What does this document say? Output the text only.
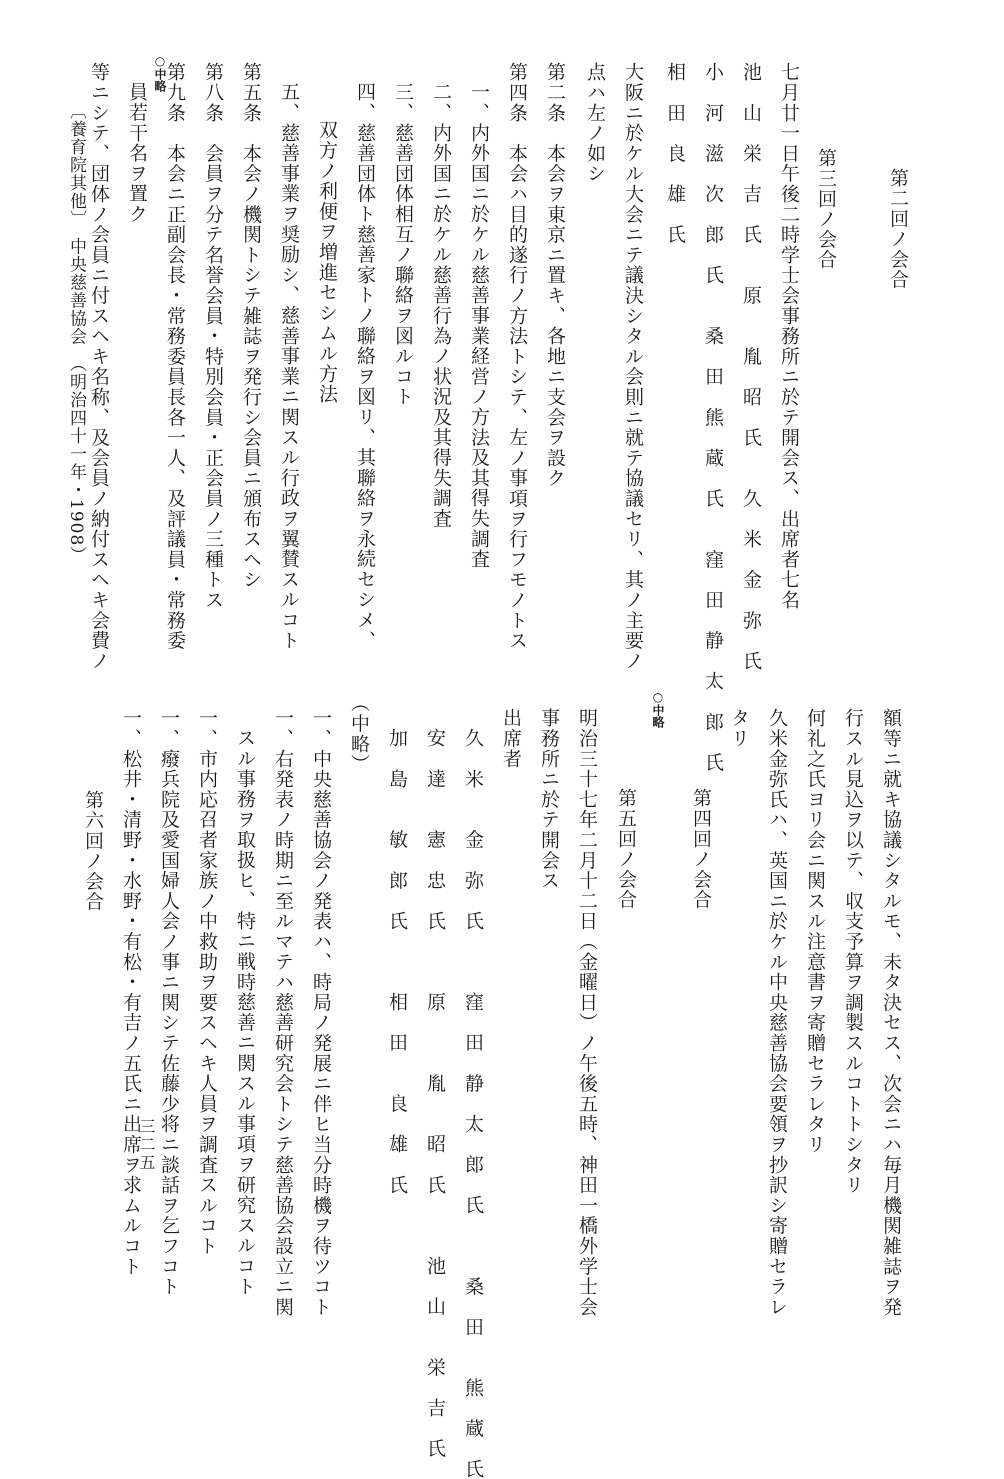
第二回ノ会合
○中略
第三回ノ会合
七月廿一日午後二時学士会事務所ニ於テ開会ス、出席者七名
池　山　栄　吉　氏　　原　　胤　昭　氏　　久　米　金　弥　氏
小　河　滋　次　郎　氏　　桑　田　熊　蔵　氏　　窪　田　静　太　郎　氏
相　田　良　雄　氏
大阪ニ於ケル大会ニテ議決シタル会則ニ就テ協議セリ、其ノ主要ノ
点ハ左ノ如シ
第二条　本会ヲ東京ニ置キ、各地ニ支会ヲ設ク
第四条　本会ハ目的遂行ノ方法トシテ、左ノ事項ヲ行フモノトス
一、内外国ニ於ケル慈善事業経営ノ方法及其得失調査
二、内外国ニ於ケル慈善行為ノ状況及其得失調査
三、慈善団体相互ノ聯絡ヲ図ルコト
四、慈善団体ト慈善家トノ聯絡ヲ図リ、其聯絡ヲ永続セシメ、
双方ノ利便ヲ増進セシムル方法
五、慈善事業ヲ奨励シ、慈善事業ニ関スル行政ヲ翼賛スルコト
第五条　本会ノ機関トシテ雑誌ヲ発行シ会員ニ頒布スヘシ
第八条　会員ヲ分テ名誉会員・特別会員・正会員ノ三種トス
第九条　本会ニ正副会長・常務委員長各一人、及評議員・常務委
員若干名ヲ置ク
等ニシテ、団体ノ会員ニ付スヘキ名称、及会員ノ納付スヘキ会費ノ
額等ニ就キ協議シタルモ、未タ決セス、次会ニハ毎月機関雑誌ヲ発
行スル見込ヲ以テ、収支予算ヲ調製スルコトトシタリ
何礼之氏ヨリ会ニ関スル注意書ヲ寄贈セラレタリ
久米金弥氏ハ、英国ニ於ケル中央慈善協会要領ヲ抄訳シ寄贈セラレ
タリ
第四回ノ会合
○中略
第五回ノ会合
明治三十七年二月十二日（金曜日）ノ午後五時、神田一橋外学士会
事務所ニ於テ開会ス
出席者
久　米　　金　弥　氏　　　窪　田　静　太　郎　氏　　　桑　田　　熊　蔵　氏
安　達　　憲　忠　氏　　　原　　　胤　　昭　氏　　　池　山　　栄　吉　氏
加　島　　敏　郎　氏　　　相　田　　良　雄　氏
（中略）
一、中央慈善協会ノ発表ハ、時局ノ発展ニ伴ヒ当分時機ヲ待ツコト
一、右発表ノ時期ニ至ルマテハ慈善研究会トシテ慈善協会設立ニ関
スル事務ヲ取扱ヒ、特ニ戦時慈善ニ関スル事項ヲ研究スルコト
一、市内応召者家族ノ中救助ヲ要スヘキ人員ヲ調査スルコト
一、癈兵院及愛国婦人会ノ事ニ関シテ佐藤少将ニ談話ヲ乞フコト
一、松井・清野・水野・有松・有吉ノ五氏ニ出席ヲ求ムルコト
第六回ノ会合
〔養育院其他〕　中央慈善協会　（明治四十一年・1908）
三二五
